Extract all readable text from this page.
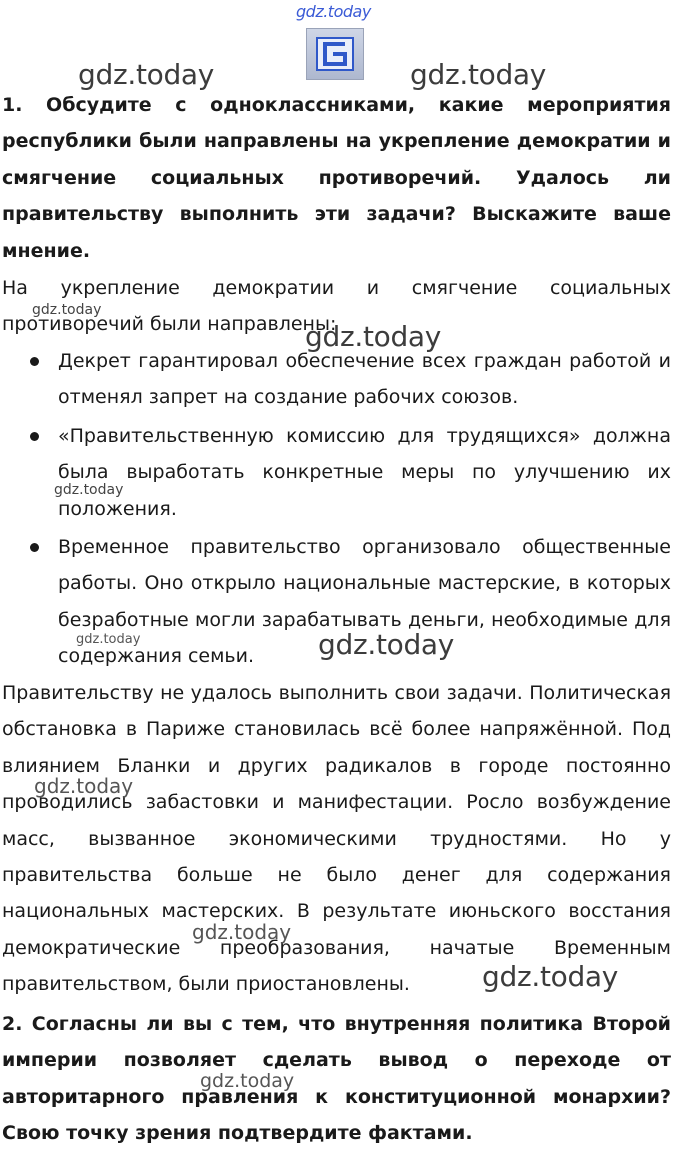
gdz.today
gdz.today	gdz.today

1. Обсудите с одноклассниками, какие мероприятия республики были направлены на укрепление демократии и смягчение социальных противоречий. Удалось ли правительству выполнить эти задачи? Выскажите ваше мнение.

На укрепление демократии и смягчение социальных противоречий были направлены:

Декрет гарантировал обеспечение всех граждан работой и отменял запрет на создание рабочих союзов.
«Правительственную комиссию для трудящихся» должна была выработать конкретные меры по улучшению их положения.
Временное правительство организовало общественные работы. Оно открыло национальные мастерские, в которых безработные могли зарабатывать деньги, необходимые для содержания семьи.

Правительству не удалось выполнить свои задачи. Политическая обстановка в Париже становилась всё более напряжённой. Под влиянием Бланки и других радикалов в городе постоянно проводились забастовки и манифестации. Росло возбуждение масс, вызванное экономическими трудностями. Но у правительства больше не было денег для содержания национальных мастерских. В результате июньского восстания демократические преобразования, начатые Временным правительством, были приостановлены.

2. Согласны ли вы с тем, что внутренняя политика Второй империи позволяет сделать вывод о переходе от авторитарного правления к конституционной монархии? Свою точку зрения подтвердите фактами.

gdz.today
gdz.today
gdz.today
gdz.today	gdz.today
gdz.today
gdz.today
gdz.today
gdz.today
